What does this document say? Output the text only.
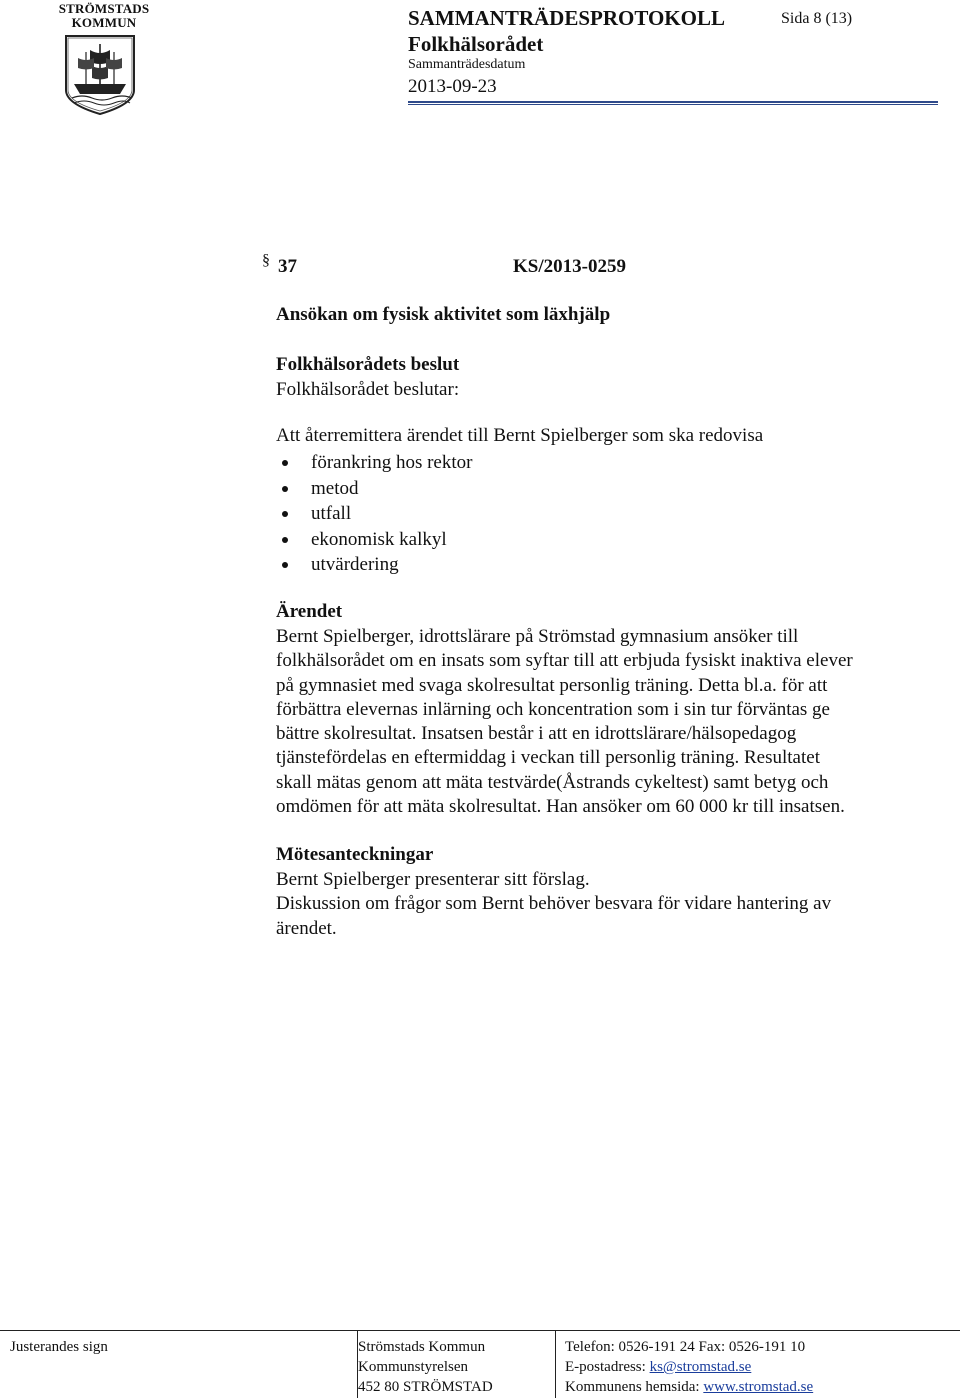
STRÖMSTADS
KOMMUN	SAMMANTRÄDESPROTOKOLL	Sida 8 (13)
Folkhälsorådet
Sammanträdesdatum
2013-09-23
§ 37	KS/2013-0259
Ansökan om fysisk aktivitet som läxhjälp
Folkhälsorådets beslut
Folkhälsorådet beslutar:
Att återremittera ärendet till Bernt Spielberger som ska redovisa
förankring hos rektor
metod
utfall
ekonomisk kalkyl
utvärdering
Ärendet
Bernt Spielberger, idrottslärare på Strömstad gymnasium ansöker till
folkhälsorådet om en insats som syftar till att erbjuda fysiskt inaktiva elever
på gymnasiet med svaga skolresultat personlig träning. Detta bl.a. för att
förbättra elevernas inlärning och koncentration som i sin tur förväntas ge
bättre skolresultat. Insatsen består i att en idrottslärare/hälsopedagog
tjänstefördelas en eftermiddag i veckan till personlig träning. Resultatet
skall mätas genom att mäta testvärde(Åstrands cykeltest) samt betyg och
omdömen för att mäta skolresultat. Han ansöker om 60 000 kr till insatsen.
Mötesanteckningar
Bernt Spielberger presenterar sitt förslag.
Diskussion om frågor som Bernt behöver besvara för vidare hantering av
ärendet.
Justerandes sign	Strömstads Kommun
Kommunstyrelsen
452 80 STRÖMSTAD
Telefon: 0526-191 24 Fax: 0526-191 10
E-postadress: ks@stromstad.se
Kommunens hemsida: www.stromstad.se
